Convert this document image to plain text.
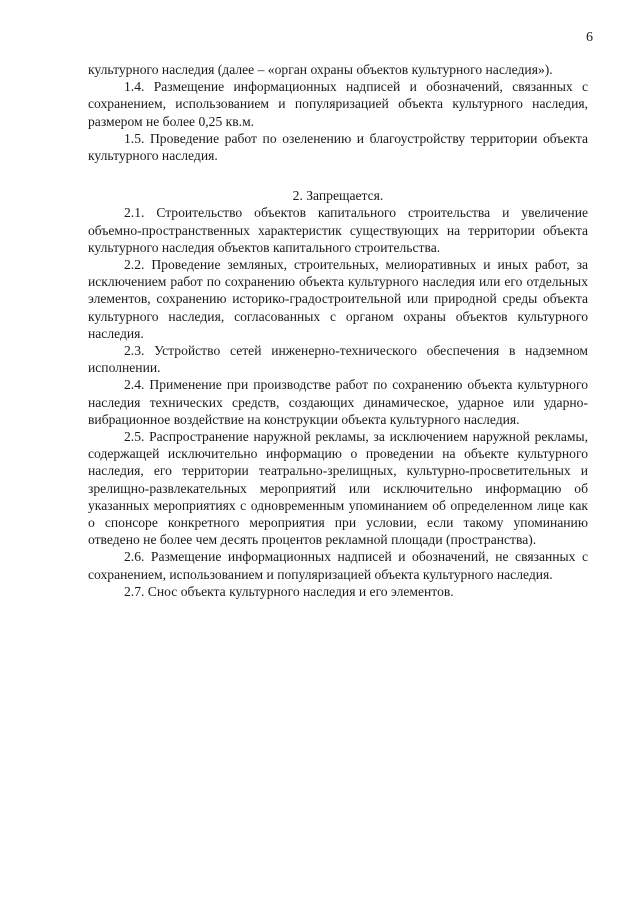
6

культурного наследия (далее – «орган охраны объектов культурного наследия»).

1.4. Размещение информационных надписей и обозначений, связанных с сохранением, использованием и популяризацией объекта культурного наследия, размером не более 0,25 кв.м.

1.5. Проведение работ по озеленению и благоустройству территории объекта культурного наследия.

2. Запрещается.

2.1. Строительство объектов капитального строительства и увеличение объемно-пространственных характеристик существующих на территории объекта культурного наследия объектов капитального строительства.

2.2. Проведение земляных, строительных, мелиоративных и иных работ, за исключением работ по сохранению объекта культурного наследия или его отдельных элементов, сохранению историко-градостроительной или природной среды объекта культурного наследия, согласованных с органом охраны объектов культурного наследия.

2.3. Устройство сетей инженерно-технического обеспечения в надземном исполнении.

2.4. Применение при производстве работ по сохранению объекта культурного наследия технических средств, создающих динамическое, ударное или ударно-вибрационное воздействие на конструкции объекта культурного наследия.

2.5. Распространение наружной рекламы, за исключением наружной рекламы, содержащей исключительно информацию о проведении на объекте культурного наследия, его территории театрально-зрелищных, культурно-просветительных и зрелищно-развлекательных мероприятий или исключительно информацию об указанных мероприятиях с одновременным упоминанием об определенном лице как о спонсоре конкретного мероприятия при условии, если такому упоминанию отведено не более чем десять процентов рекламной площади (пространства).

2.6. Размещение информационных надписей и обозначений, не связанных с сохранением, использованием и популяризацией объекта культурного наследия.

2.7. Снос объекта культурного наследия и его элементов.
